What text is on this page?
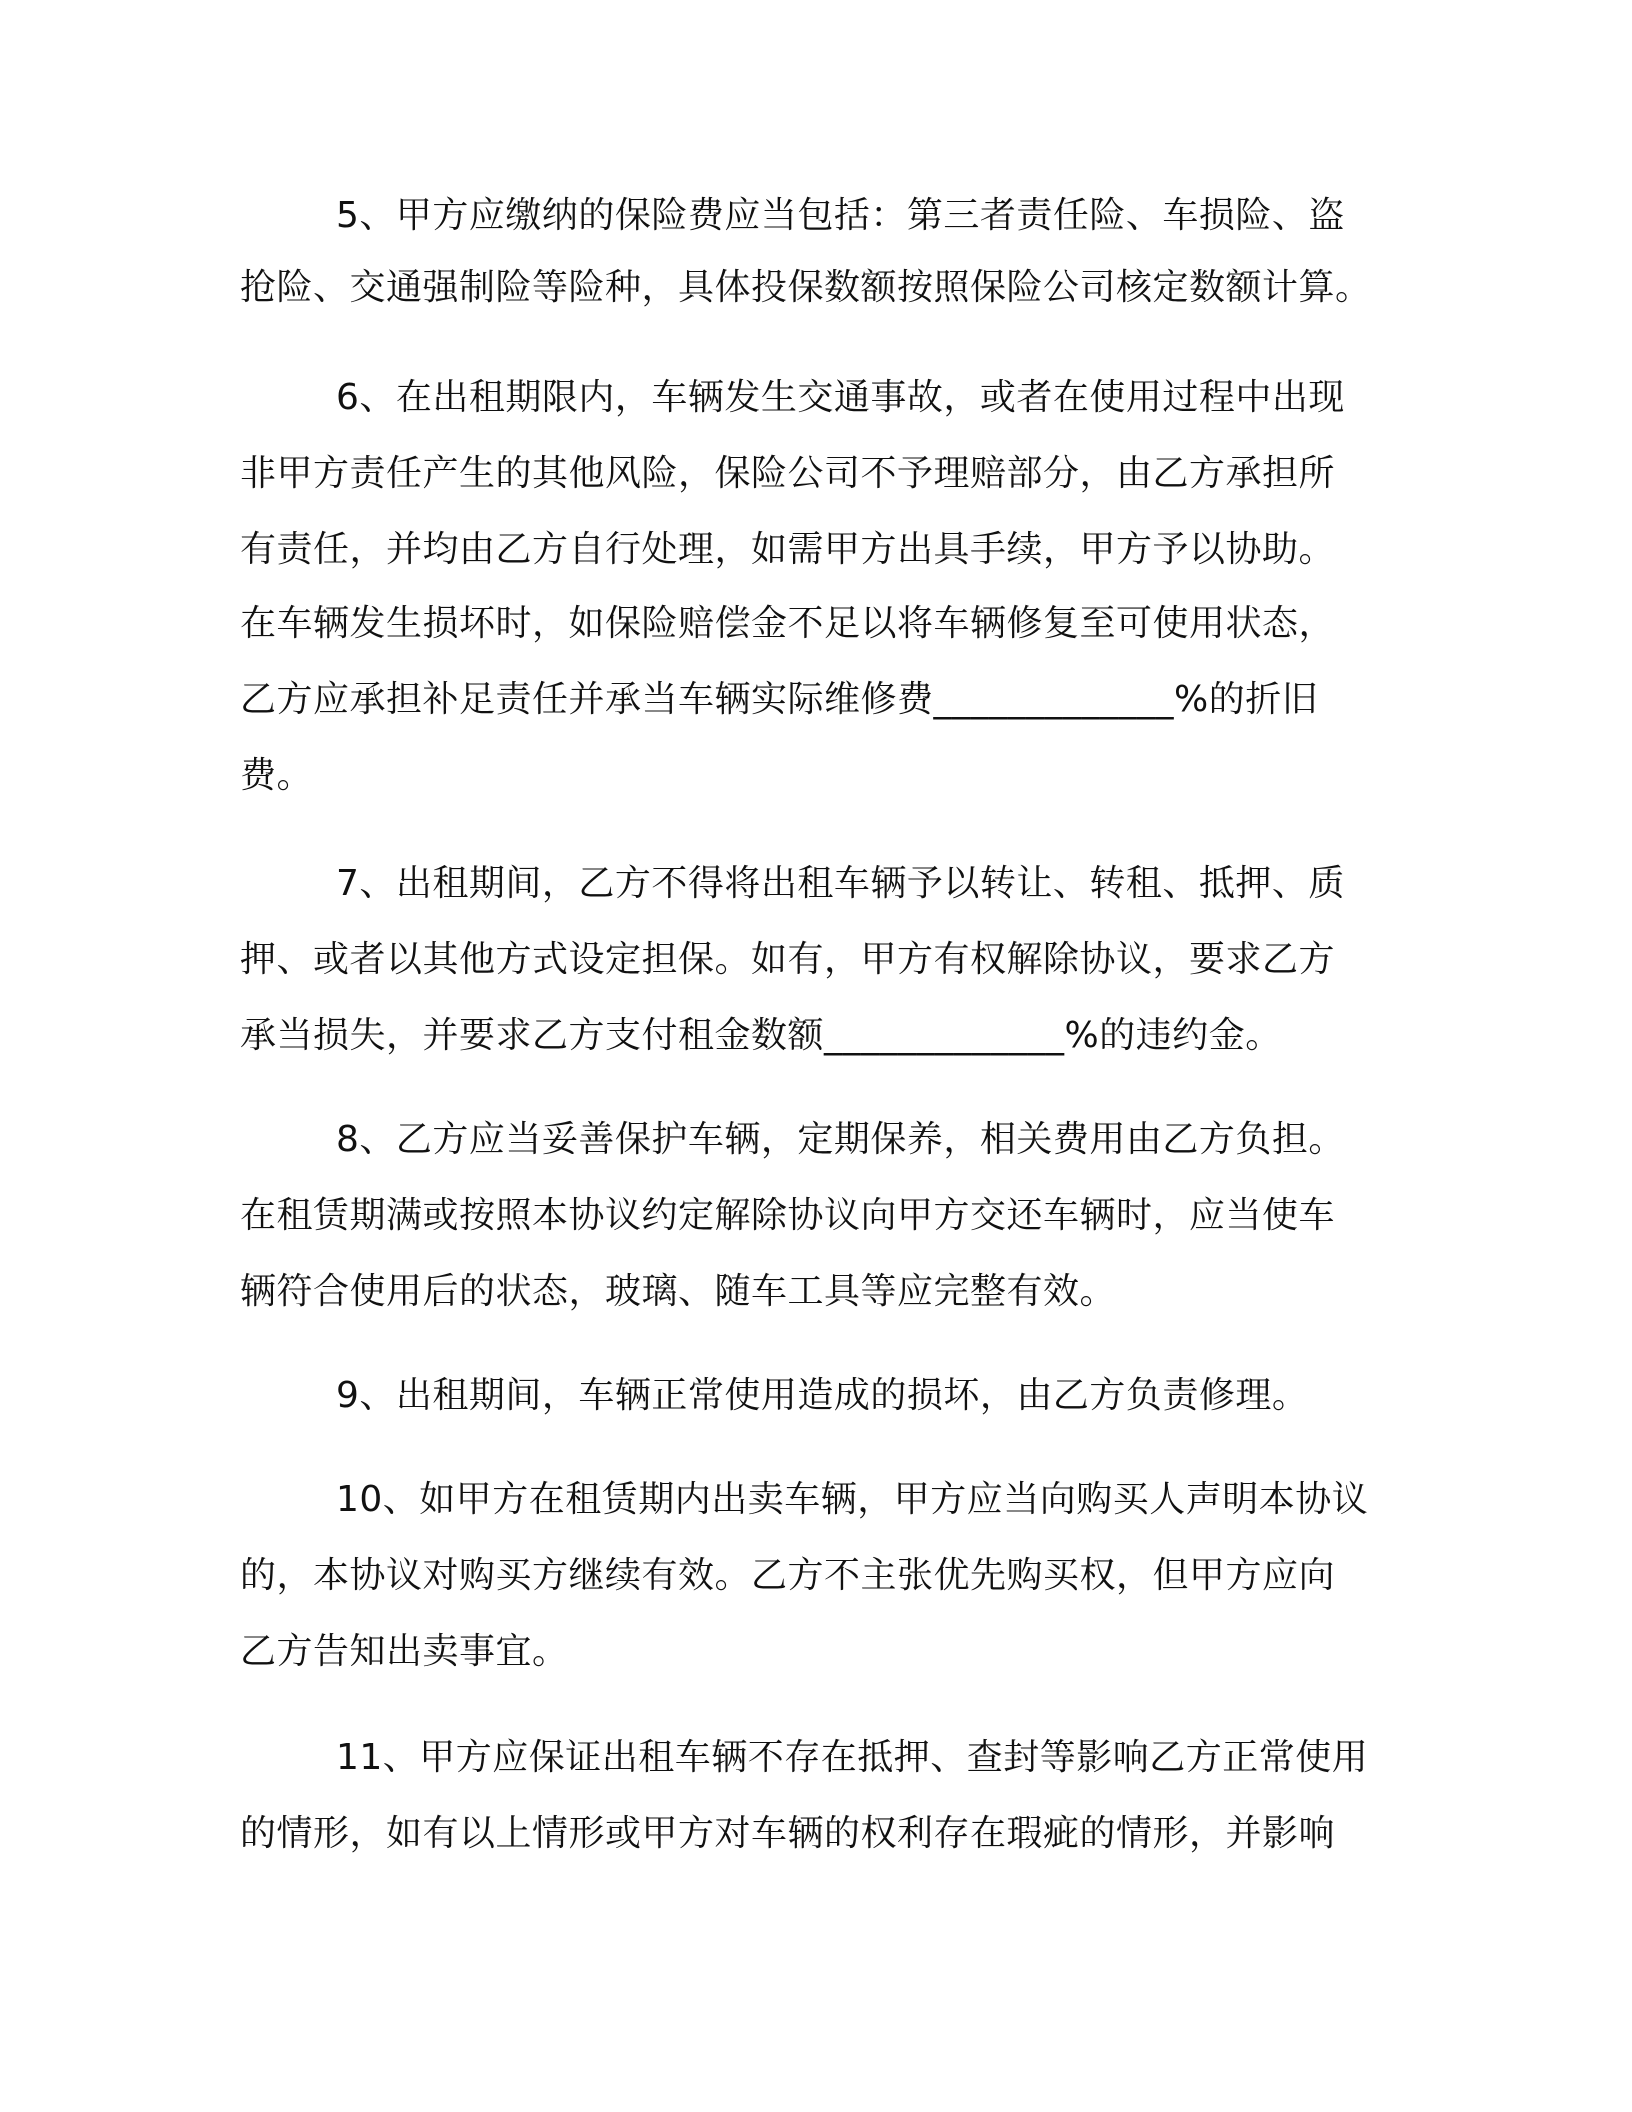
5、甲方应缴纳的保险费应当包括：第三者责任险、车损险、盗
抢险、交通强制险等险种，具体投保数额按照保险公司核定数额计算。
6、在出租期限内，车辆发生交通事故，或者在使用过程中出现
非甲方责任产生的其他风险，保险公司不予理赔部分，由乙方承担所
有责任，并均由乙方自行处理，如需甲方出具手续，甲方予以协助。
在车辆发生损坏时，如保险赔偿金不足以将车辆修复至可使用状态，
乙方应承担补足责任并承当车辆实际维修费_____________%的折旧
费。
7、出租期间，乙方不得将出租车辆予以转让、转租、抵押、质
押、或者以其他方式设定担保。如有，甲方有权解除协议，要求乙方
承当损失，并要求乙方支付租金数额_____________%的违约金。
8、乙方应当妥善保护车辆，定期保养，相关费用由乙方负担。
在租赁期满或按照本协议约定解除协议向甲方交还车辆时，应当使车
辆符合使用后的状态，玻璃、随车工具等应完整有效。
9、出租期间，车辆正常使用造成的损坏，由乙方负责修理。
10、如甲方在租赁期内出卖车辆，甲方应当向购买人声明本协议
的，本协议对购买方继续有效。乙方不主张优先购买权，但甲方应向
乙方告知出卖事宜。
11、甲方应保证出租车辆不存在抵押、查封等影响乙方正常使用
的情形，如有以上情形或甲方对车辆的权利存在瑕疵的情形，并影响
